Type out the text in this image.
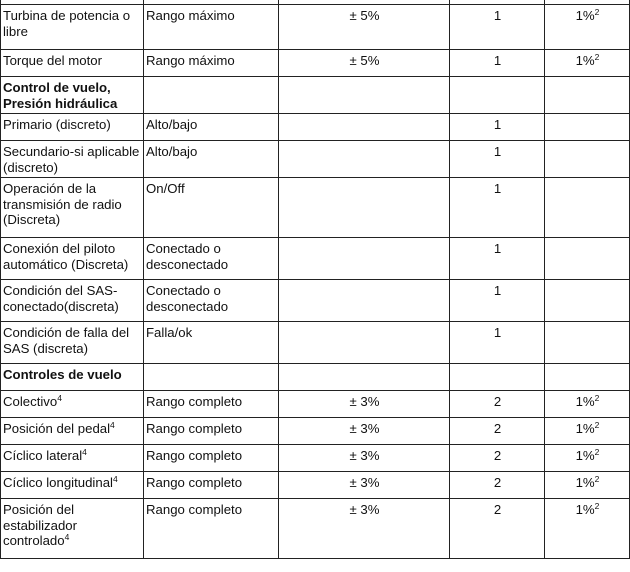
Turbina de potencia o libre	Rango máximo	± 5%	1	1%$^2$
Torque del motor	Rango máximo	± 5%	1	1%$^2$
Control de vuelo, Presión hidráulica				
Primario (discreto)	Alto/bajo		1	
Secundario-si aplicable (discreto)	Alto/bajo		1	
Operación de la transmisión de radio (Discreta)	On/Off		1	
Conexión del piloto automático (Discreta)	Conectado o desconectado		1	
Condición del SAS-conectado(discreta)	Conectado o desconectado		1	
Condición de falla del SAS (discreta)	Falla/ok		1	
Controles de vuelo				
Colectivo$^4$	Rango completo	± 3%	2	1%$^2$
Posición del pedal$^4$	Rango completo	± 3%	2	1%$^2$
Cíclico lateral$^4$	Rango completo	± 3%	2	1%$^2$
Cíclico longitudinal$^4$	Rango completo	± 3%	2	1%$^2$
Posición del estabilizador controlado$^4$	Rango completo	± 3%	2	1%$^2$
